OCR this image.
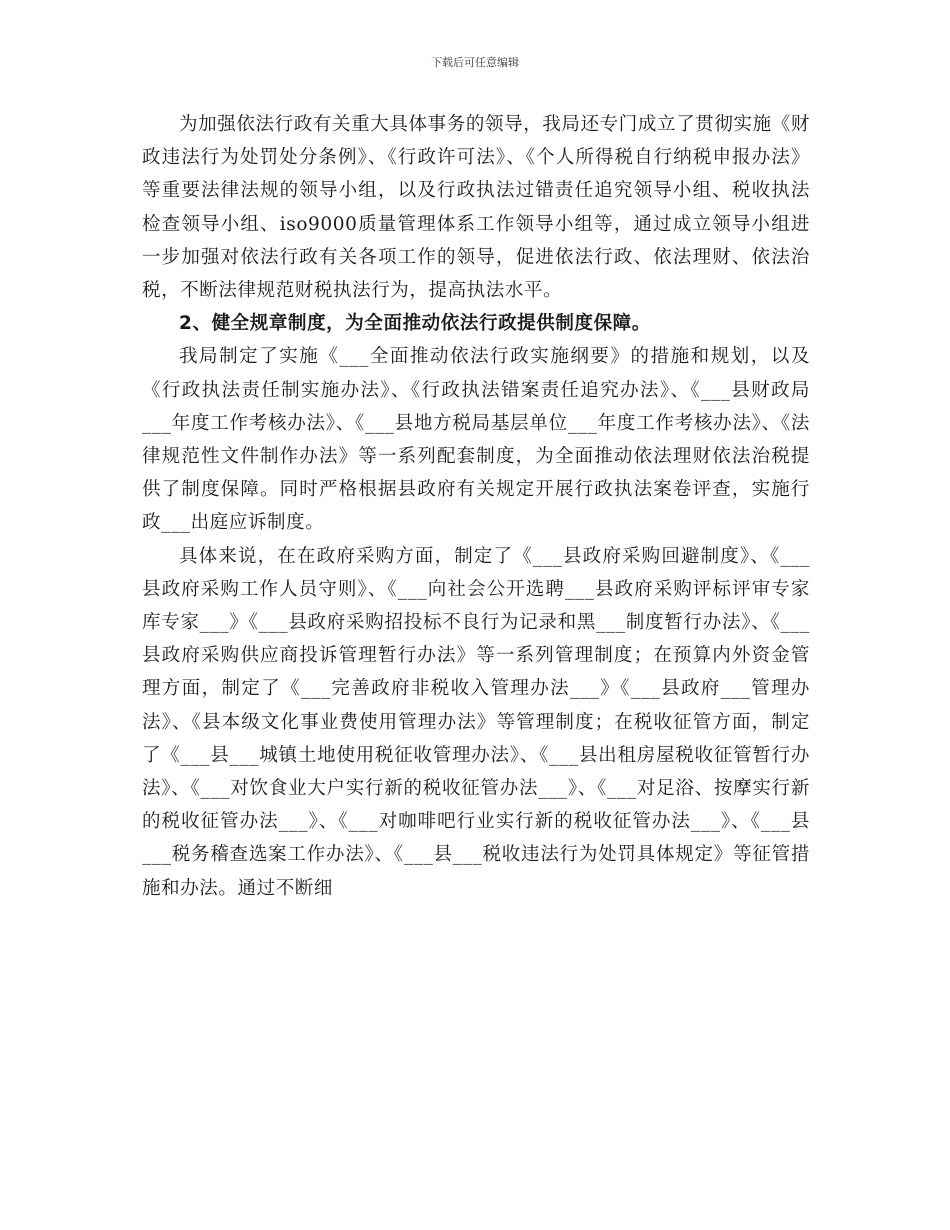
下载后可任意编辑

为加强依法行政有关重大具体事务的领导，我局还专门成立了贯彻实施《财政违法行为处罚处分条例》、《行政许可法》、《个人所得税自行纳税申报办法》等重要法律法规的领导小组，以及行政执法过错责任追究领导小组、税收执法检查领导小组、iso9000质量管理体系工作领导小组等，通过成立领导小组进一步加强对依法行政有关各项工作的领导，促进依法行政、依法理财、依法治税，不断法律规范财税执法行为，提高执法水平。

2、健全规章制度，为全面推动依法行政提供制度保障。

我局制定了实施《___全面推动依法行政实施纲要》的措施和规划，以及《行政执法责任制实施办法》、《行政执法错案责任追究办法》、《___县财政局___年度工作考核办法》、《___县地方税局基层单位___年度工作考核办法》、《法律规范性文件制作办法》等一系列配套制度，为全面推动依法理财依法治税提供了制度保障。同时严格根据县政府有关规定开展行政执法案卷评查，实施行政___出庭应诉制度。

具体来说，在在政府采购方面，制定了《___县政府采购回避制度》、《___县政府采购工作人员守则》、《___向社会公开选聘___县政府采购评标评审专家库专家___》《___县政府采购招投标不良行为记录和黑___制度暂行办法》、《___县政府采购供应商投诉管理暂行办法》等一系列管理制度；在预算内外资金管理方面，制定了《___完善政府非税收入管理办法___》《___县政府___管理办法》、《县本级文化事业费使用管理办法》等管理制度；在税收征管方面，制定了《___县___城镇土地使用税征收管理办法》、《___县出租房屋税收征管暂行办法》、《___对饮食业大户实行新的税收征管办法___》、《___对足浴、按摩实行新的税收征管办法___》、《___对咖啡吧行业实行新的税收征管办法___》、《___县___税务稽查选案工作办法》、《___县___税收违法行为处罚具体规定》等征管措施和办法。通过不断细
